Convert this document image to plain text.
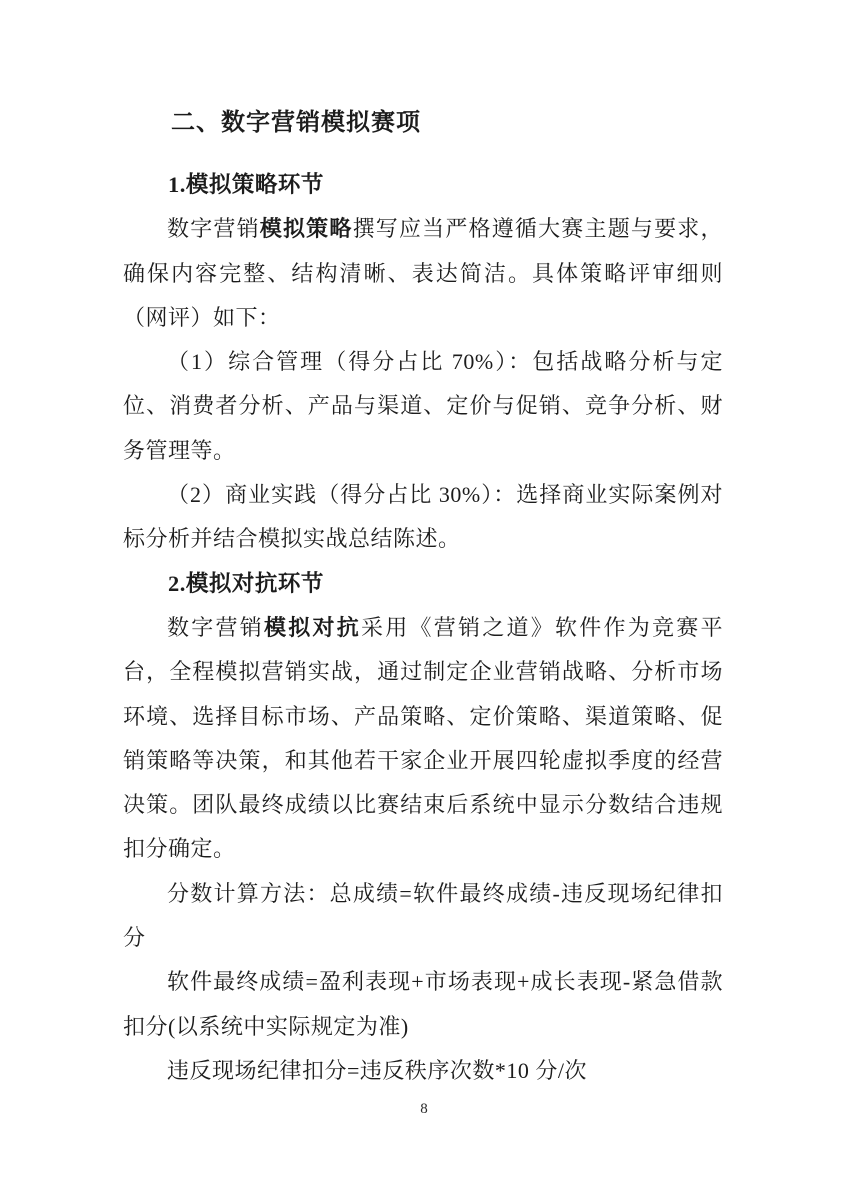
二、数字营销模拟赛项
1.模拟策略环节

数字营销模拟策略撰写应当严格遵循大赛主题与要求，确保内容完整、结构清晰、表达简洁。具体策略评审细则（网评）如下：

（1）综合管理（得分占比 70%）：包括战略分析与定位、消费者分析、产品与渠道、定价与促销、竞争分析、财务管理等。

（2）商业实践（得分占比 30%）：选择商业实际案例对标分析并结合模拟实战总结陈述。

2.模拟对抗环节

数字营销模拟对抗采用《营销之道》软件作为竞赛平台，全程模拟营销实战，通过制定企业营销战略、分析市场环境、选择目标市场、产品策略、定价策略、渠道策略、促销策略等决策，和其他若干家企业开展四轮虚拟季度的经营决策。团队最终成绩以比赛结束后系统中显示分数结合违规扣分确定。

分数计算方法：总成绩=软件最终成绩-违反现场纪律扣分

软件最终成绩=盈利表现+市场表现+成长表现-紧急借款扣分(以系统中实际规定为准)

违反现场纪律扣分=违反秩序次数*10 分/次

8
